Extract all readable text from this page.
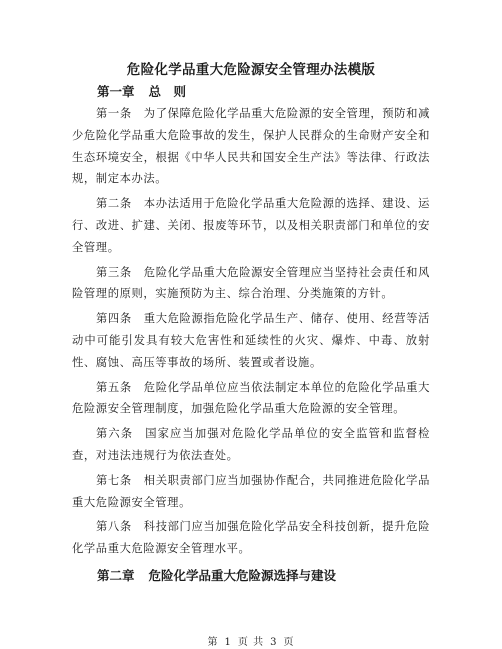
危险化学品重大危险源安全管理办法模版
第一章 总　则

第一条 为了保障危险化学品重大危险源的安全管理，预防和减少危险化学品重大危险事故的发生，保护人民群众的生命财产安全和生态环境安全，根据《中华人民共和国安全生产法》等法律、行政法规，制定本办法。

第二条 本办法适用于危险化学品重大危险源的选择、建设、运行、改进、扩建、关闭、报废等环节，以及相关职责部门和单位的安全管理。

第三条 危险化学品重大危险源安全管理应当坚持社会责任和风险管理的原则，实施预防为主、综合治理、分类施策的方针。

第四条 重大危险源指危险化学品生产、储存、使用、经营等活动中可能引发具有较大危害性和延续性的火灾、爆炸、中毒、放射性、腐蚀、高压等事故的场所、装置或者设施。

第五条 危险化学品单位应当依法制定本单位的危险化学品重大危险源安全管理制度，加强危险化学品重大危险源的安全管理。

第六条 国家应当加强对危险化学品单位的安全监管和监督检查，对违法违规行为依法查处。

第七条 相关职责部门应当加强协作配合，共同推进危险化学品重大危险源安全管理。

第八条 科技部门应当加强危险化学品安全科技创新，提升危险化学品重大危险源安全管理水平。

第二章 危险化学品重大危险源选择与建设
第 1 页 共 3 页
